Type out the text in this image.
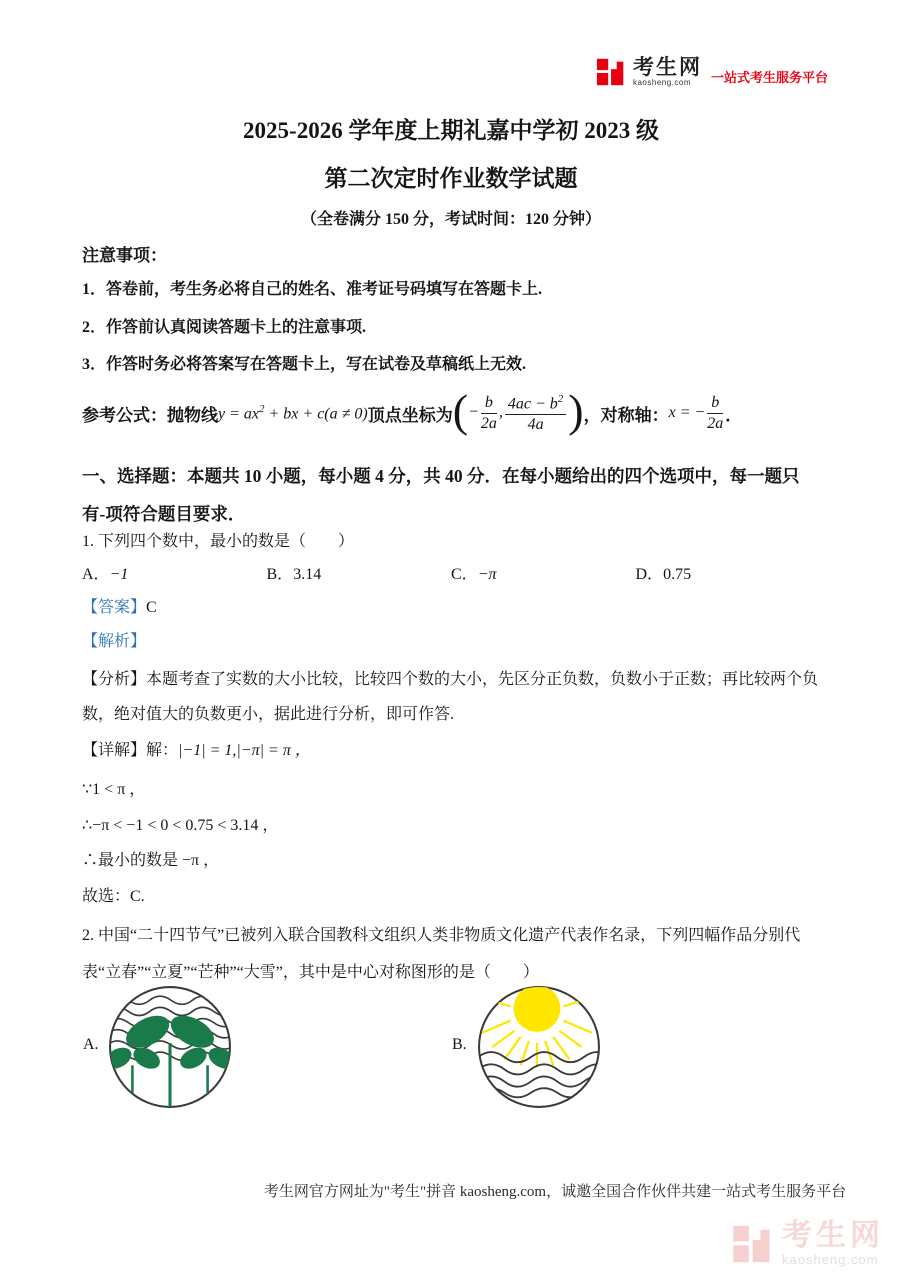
考生网
kaosheng.com	一站式考生服务平台
2025-2026 学年度上期礼嘉中学初 2023 级
第二次定时作业数学试题
（全卷满分 150 分，考试时间：120 分钟）
注意事项：
1．答卷前，考生务必将自己的姓名、准考证号码填写在答题卡上.
2．作答前认真阅读答题卡上的注意事项.
3．作答时务必将答案写在答题卡上，写在试卷及草稿纸上无效.
参考公式：抛物线 $y = ax^2$ + bx + c(a ≠ 0) 顶点坐标为 (− $\frac{b}{2a}$ , $\frac{4ac - b^2}{4a}$ ) ，对称轴： x = − $\frac{b}{2a}$ ．
一、选择题：本题共 10 小题，每小题 4 分，共 40 分．在每小题给出的四个选项中，每一题只有-项符合题目要求．
1. 下列四个数中，最小的数是（　　）
A．−1	B．3.14	C．−π	D．0.75
【答案】C
【解析】
【分析】本题考查了实数的大小比较，比较四个数的大小，先区分正负数，负数小于正数；再比较两个负数，绝对值大的负数更小，据此进行分析，即可作答.
【详解】解：|−1| = 1,|−π| = π ，
∵1 < π ，
∴−π < −1 < 0 < 0.75 < 3.14 ，
∴最小的数是 −π ，
故选：C.
2. 中国“二十四节气”已被列入联合国教科文组织人类非物质文化遗产代表作名录，下列四幅作品分别代表“立春”“立夏”“芒种”“大雪”，其中是中心对称图形的是（　　）
A.	B.
考生网官方网址为"考生"拼音 kaosheng.com，诚邀全国合作伙伴共建一站式考生服务平台
考生网
kaosheng.com
